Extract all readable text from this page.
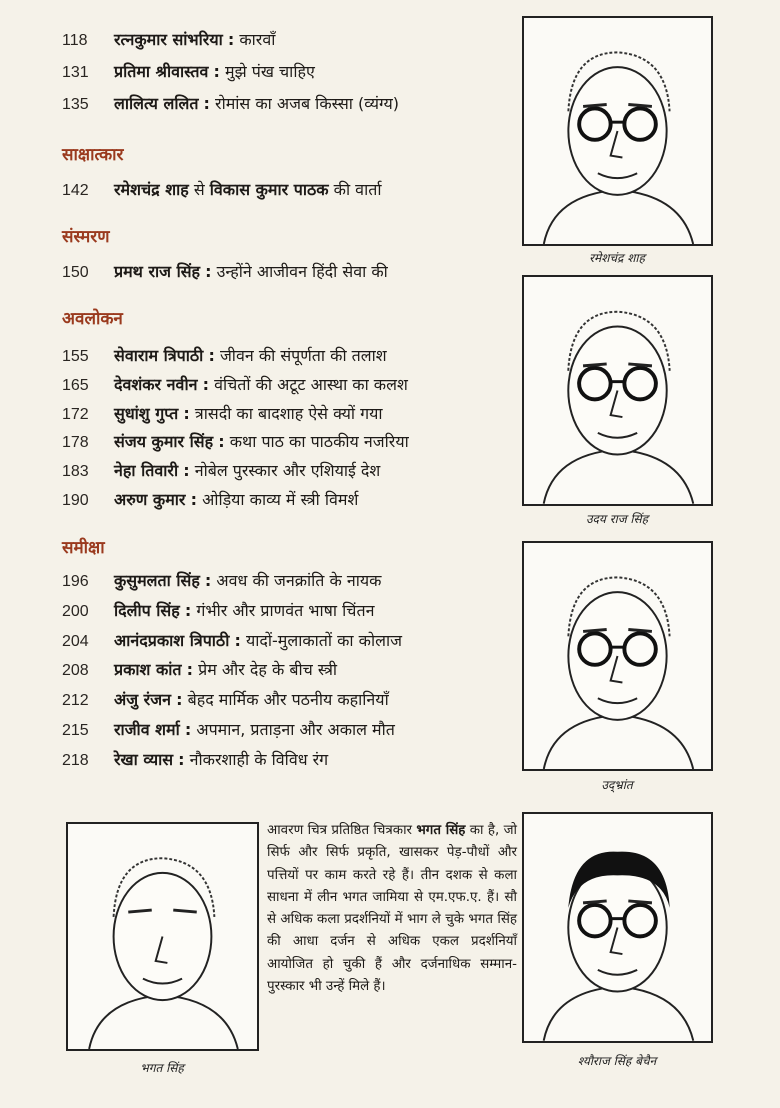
118 रत्नकुमार सांभरिया : कारवाँ
131 प्रतिमा श्रीवास्तव : मुझे पंख चाहिए
135 लालित्य ललित : रोमांस का अजब किस्सा (व्यंग्य)
साक्षात्कार
142 रमेशचंद्र शाह से विकास कुमार पाठक की वार्ता
संस्मरण
150 प्रमथ राज सिंह : उन्होंने आजीवन हिंदी सेवा की
अवलोकन
155 सेवाराम त्रिपाठी : जीवन की संपूर्णता की तलाश
165 देवशंकर नवीन : वंचितों की अटूट आस्था का कलश
172 सुधांशु गुप्त : त्रासदी का बादशाह ऐसे क्यों गया
178 संजय कुमार सिंह : कथा पाठ का पाठकीय नजरिया
183 नेहा तिवारी : नोबेल पुरस्कार और एशियाई देश
190 अरुण कुमार : ओड़िया काव्य में स्त्री विमर्श
समीक्षा
196 कुसुमलता सिंह : अवध की जनक्रांति के नायक
200 दिलीप सिंह : गंभीर और प्राणवंत भाषा चिंतन
204 आनंदप्रकाश त्रिपाठी : यादों-मुलाकातों का कोलाज
208 प्रकाश कांत : प्रेम और देह के बीच स्त्री
212 अंजु रंजन : बेहद मार्मिक और पठनीय कहानियाँ
215 राजीव शर्मा : अपमान, प्रताड़ना और अकाल मौत
218 रेखा व्यास : नौकरशाही के विविध रंग
रमेशचंद्र शाह
उदय राज सिंह
उद्भ्रांत
श्यौराज सिंह बेचैन
भगत सिंह
आवरण चित्र प्रतिष्ठित चित्रकार भगत सिंह का है, जो सिर्फ और सिर्फ प्रकृति, खासकर पेड़-पौधों और पत्तियों पर काम करते रहे हैं। तीन दशक से कला साधना में लीन भगत जामिया से एम.एफ.ए. हैं। सौ से अधिक कला प्रदर्शनियों में भाग ले चुके भगत सिंह की आधा दर्जन से अधिक एकल प्रदर्शनियाँ आयोजित हो चुकी हैं और दर्जनाधिक सम्मान-पुरस्कार भी उन्हें मिले हैं।
